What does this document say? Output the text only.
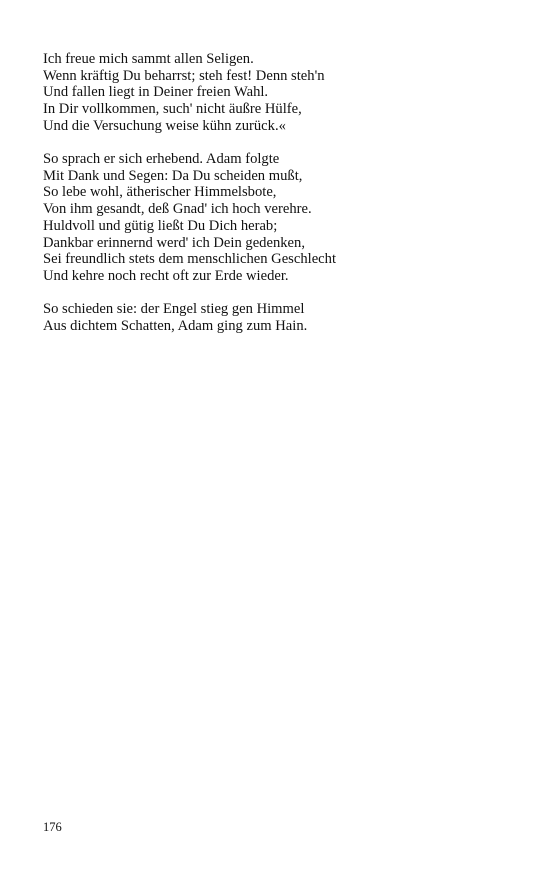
Ich freue mich sammt allen Seligen.
Wenn kräftig Du beharrst; steh fest! Denn steh'n
Und fallen liegt in Deiner freien Wahl.
In Dir vollkommen, such' nicht äußre Hülfe,
Und die Versuchung weise kühn zurück.«
So sprach er sich erhebend. Adam folgte
Mit Dank und Segen: Da Du scheiden mußt,
So lebe wohl, ätherischer Himmelsbote,
Von ihm gesandt, deß Gnad' ich hoch verehre.
Huldvoll und gütig ließt Du Dich herab;
Dankbar erinnernd werd' ich Dein gedenken,
Sei freundlich stets dem menschlichen Geschlecht
Und kehre noch recht oft zur Erde wieder.
So schieden sie: der Engel stieg gen Himmel
Aus dichtem Schatten, Adam ging zum Hain.
176
